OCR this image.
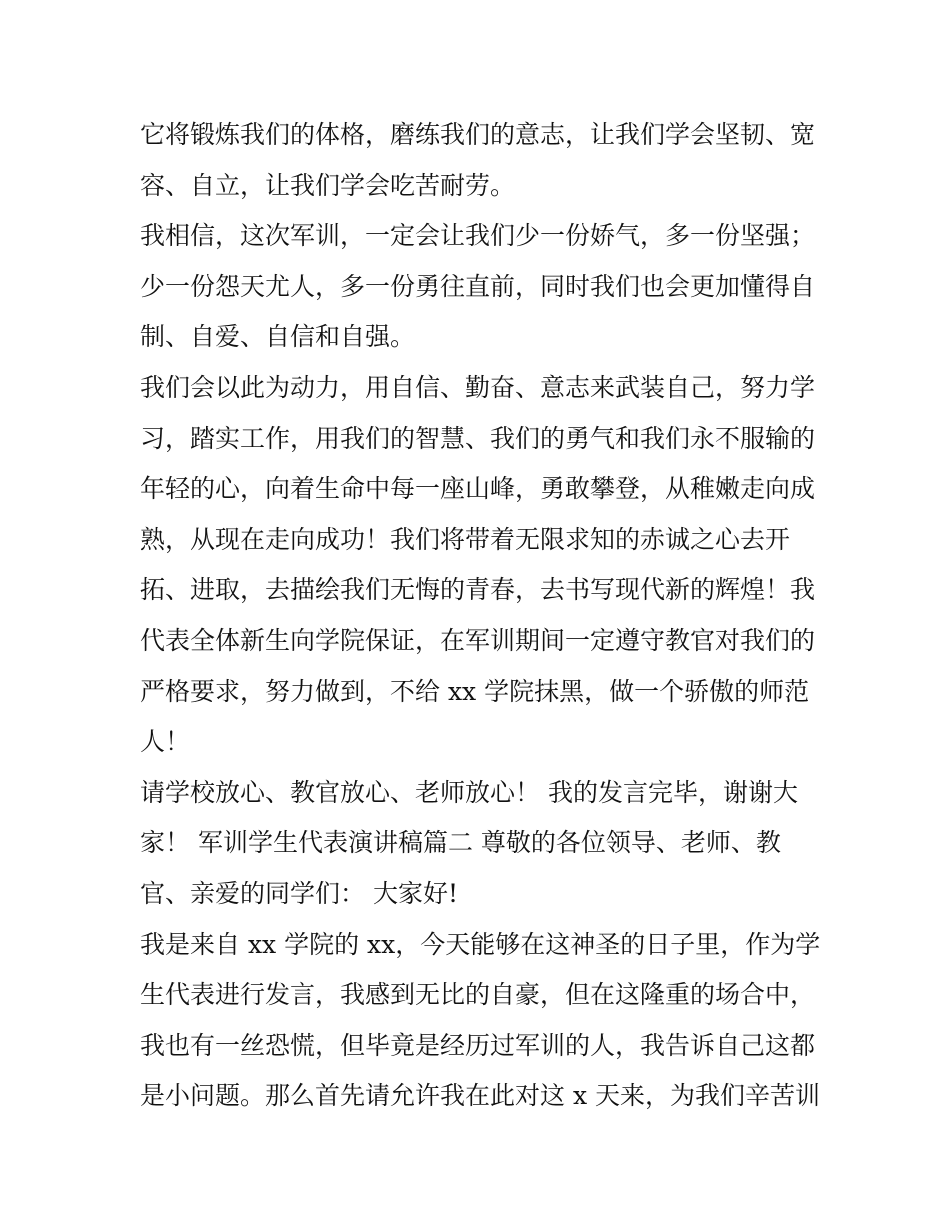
它将锻炼我们的体格，磨练我们的意志，让我们学会坚韧、宽
容、自立，让我们学会吃苦耐劳。
我相信，这次军训，一定会让我们少一份娇气，多一份坚强；
少一份怨天尤人，多一份勇往直前，同时我们也会更加懂得自
制、自爱、自信和自强。
我们会以此为动力，用自信、勤奋、意志来武装自己，努力学
习，踏实工作，用我们的智慧、我们的勇气和我们永不服输的
年轻的心，向着生命中每一座山峰，勇敢攀登，从稚嫩走向成
熟，从现在走向成功！我们将带着无限求知的赤诚之心去开
拓、进取，去描绘我们无悔的青春，去书写现代新的辉煌！我
代表全体新生向学院保证，在军训期间一定遵守教官对我们的
严格要求，努力做到，不给 xx 学院抹黑，做一个骄傲的师范
人！
请学校放心、教官放心、老师放心！ 我的发言完毕，谢谢大
家！ 军训学生代表演讲稿篇二 尊敬的各位领导、老师、教
官、亲爱的同学们： 大家好!
我是来自 xx 学院的 xx，今天能够在这神圣的日子里，作为学
生代表进行发言，我感到无比的自豪，但在这隆重的场合中，
我也有一丝恐慌，但毕竟是经历过军训的人，我告诉自己这都
是小问题。那么首先请允许我在此对这 x 天来，为我们辛苦训
